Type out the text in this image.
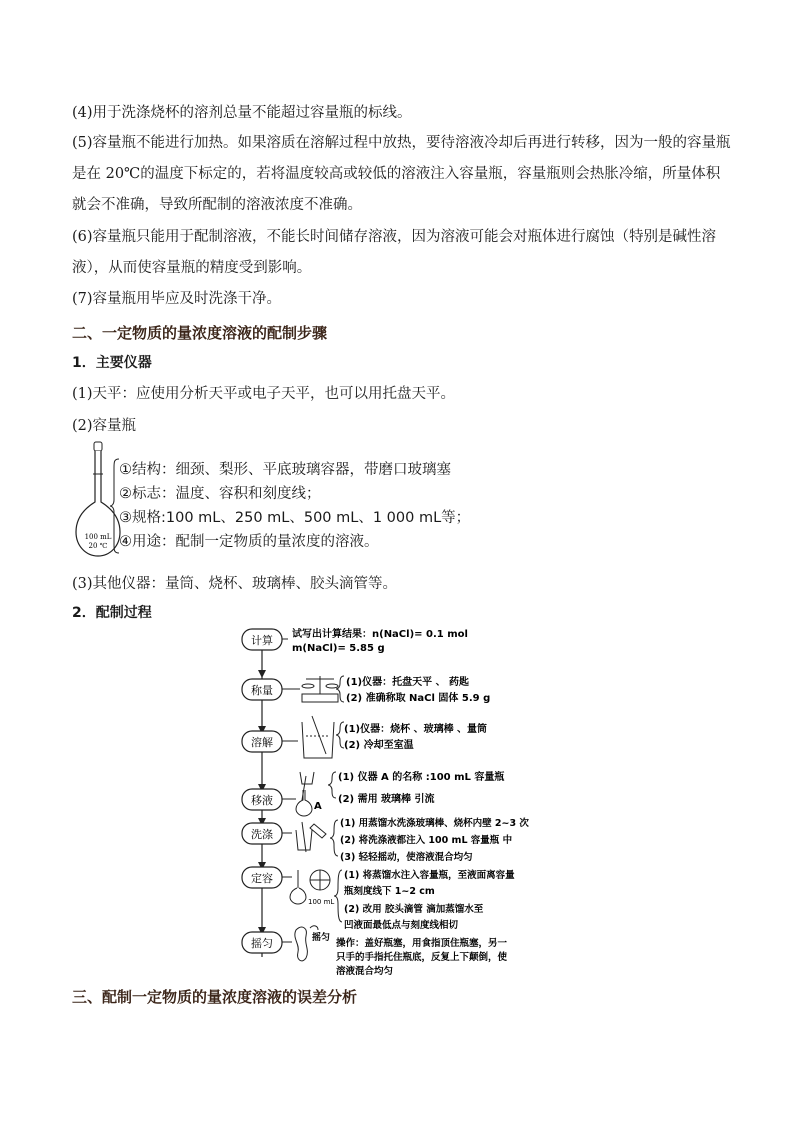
(4)用于洗涤烧杯的溶剂总量不能超过容量瓶的标线。
(5)容量瓶不能进行加热。如果溶质在溶解过程中放热，要待溶液冷却后再进行转移，因为一般的容量瓶是在 20℃的温度下标定的，若将温度较高或较低的溶液注入容量瓶，容量瓶则会热胀冷缩，所量体积就会不准确，导致所配制的溶液浓度不准确。
(6)容量瓶只能用于配制溶液，不能长时间储存溶液，因为溶液可能会对瓶体进行腐蚀（特别是碱性溶液），从而使容量瓶的精度受到影响。
(7)容量瓶用毕应及时洗涤干净。
二、一定物质的量浓度溶液的配制步骤
1．主要仪器
(1)天平：应使用分析天平或电子天平，也可以用托盘天平。
(2)容量瓶
100 mL
20 ℃
①结构：细颈、梨形、平底玻璃容器，带磨口玻璃塞
②标志：温度、容积和刻度线；
③规格:100 mL、250 mL、500 mL、1 000 mL等；
④用途：配制一定物质的量浓度的溶液。
(3)其他仪器：量筒、烧杯、玻璃棒、胶头滴管等。
2．配制过程
计算 试写出计算结果：n(NaCl)= 0.1 mol
m(NaCl)= 5.85 g
称量
(1)仪器：托盘天平 、 药匙
(2) 准确称取 NaCl 固体 5.9 g
溶解
(1)仪器：烧杯 、玻璃棒 、量筒
(2) 冷却至室温
移液	A
(1) 仪器 A 的名称 :100 mL 容量瓶
(2) 需用 玻璃棒 引流
洗涤
(1) 用蒸馏水洗涤玻璃棒、烧杯内壁 2~3 次
(2) 将洗涤液都注入 100 mL 容量瓶 中
(3) 轻轻摇动，使溶液混合均匀
定容
100 mL
(1) 将蒸馏水注入容量瓶，至液面离容量
瓶刻度线下 1~2 cm
(2) 改用 胶头滴管 滴加蒸馏水至
凹液面最低点与刻度线相切
摇匀	摇匀 操作：盖好瓶塞，用食指顶住瓶塞，另一
只手的手指托住瓶底，反复上下颠倒，使
溶液混合均匀
三、配制一定物质的量浓度溶液的误差分析
